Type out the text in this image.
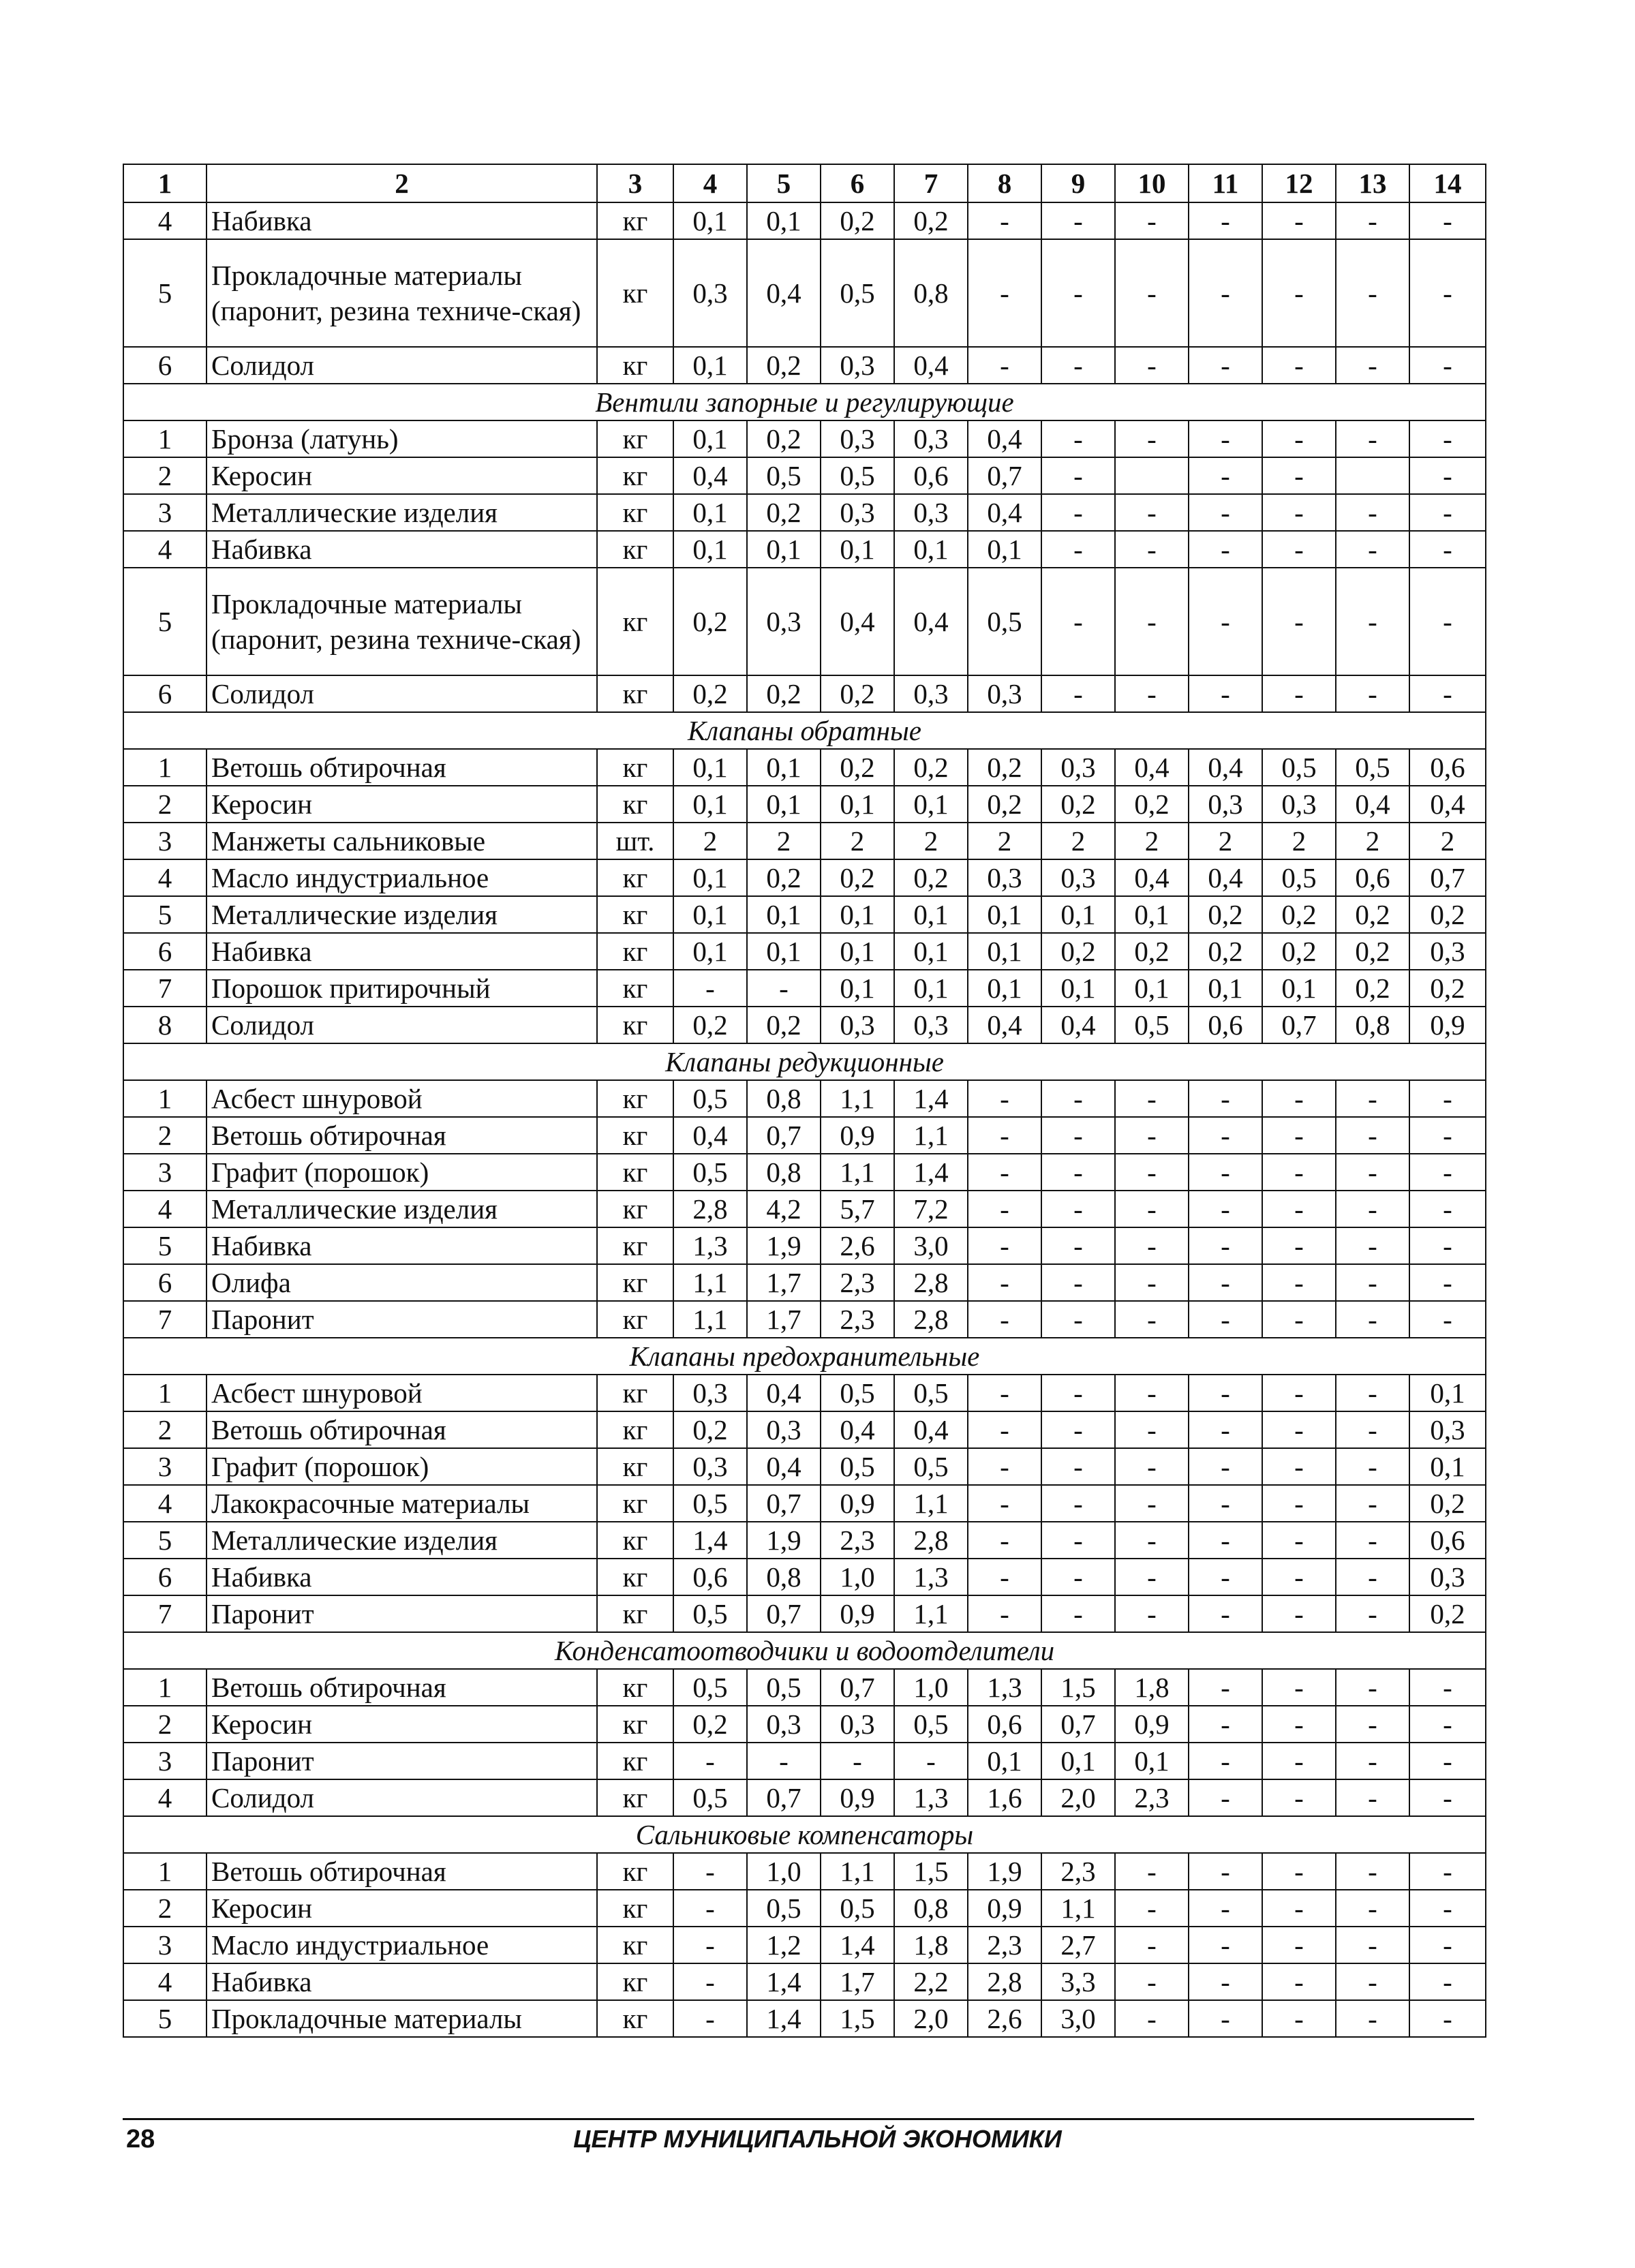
1	2	3	4	5	6	7	8	9	10	11	12	13	14
4	Набивка	кг	0,1	0,1	0,2	0,2	-	-	-	-	-	-	-
5	Прокладочные материалы (паронит, резина техниче-ская)	кг	0,3	0,4	0,5	0,8	-	-	-	-	-	-	-
6	Солидол	кг	0,1	0,2	0,3	0,4	-	-	-	-	-	-	-
Вентили запорные и регулирующие													
1	Бронза (латунь)	кг	0,1	0,2	0,3	0,3	0,4	-	-	-	-	-	-
2	Керосин	кг	0,4	0,5	0,5	0,6	0,7	-		-	-		-
3	Металлические изделия	кг	0,1	0,2	0,3	0,3	0,4	-	-	-	-	-	-
4	Набивка	кг	0,1	0,1	0,1	0,1	0,1	-	-	-	-	-	-
5	Прокладочные материалы (паронит, резина техниче-ская)	кг	0,2	0,3	0,4	0,4	0,5	-	-	-	-	-	-
6	Солидол	кг	0,2	0,2	0,2	0,3	0,3	-	-	-	-	-	-
Клапаны обратные													
1	Ветошь обтирочная	кг	0,1	0,1	0,2	0,2	0,2	0,3	0,4	0,4	0,5	0,5	0,6
2	Керосин	кг	0,1	0,1	0,1	0,1	0,2	0,2	0,2	0,3	0,3	0,4	0,4
3	Манжеты сальниковые	шт.	2	2	2	2	2	2	2	2	2	2	2
4	Масло индустриальное	кг	0,1	0,2	0,2	0,2	0,3	0,3	0,4	0,4	0,5	0,6	0,7
5	Металлические изделия	кг	0,1	0,1	0,1	0,1	0,1	0,1	0,1	0,2	0,2	0,2	0,2
6	Набивка	кг	0,1	0,1	0,1	0,1	0,1	0,2	0,2	0,2	0,2	0,2	0,3
7	Порошок притирочный	кг	-	-	0,1	0,1	0,1	0,1	0,1	0,1	0,1	0,2	0,2
8	Солидол	кг	0,2	0,2	0,3	0,3	0,4	0,4	0,5	0,6	0,7	0,8	0,9
Клапаны редукционные													
1	Асбест шнуровой	кг	0,5	0,8	1,1	1,4	-	-	-	-	-	-	-
2	Ветошь обтирочная	кг	0,4	0,7	0,9	1,1	-	-	-	-	-	-	-
3	Графит (порошок)	кг	0,5	0,8	1,1	1,4	-	-	-	-	-	-	-
4	Металлические изделия	кг	2,8	4,2	5,7	7,2	-	-	-	-	-	-	-
5	Набивка	кг	1,3	1,9	2,6	3,0	-	-	-	-	-	-	-
6	Олифа	кг	1,1	1,7	2,3	2,8	-	-	-	-	-	-	-
7	Паронит	кг	1,1	1,7	2,3	2,8	-	-	-	-	-	-	-
Клапаны предохранительные													
1	Асбест шнуровой	кг	0,3	0,4	0,5	0,5	-	-	-	-	-	-	0,1
2	Ветошь обтирочная	кг	0,2	0,3	0,4	0,4	-	-	-	-	-	-	0,3
3	Графит (порошок)	кг	0,3	0,4	0,5	0,5	-	-	-	-	-	-	0,1
4	Лакокрасочные материалы	кг	0,5	0,7	0,9	1,1	-	-	-	-	-	-	0,2
5	Металлические изделия	кг	1,4	1,9	2,3	2,8	-	-	-	-	-	-	0,6
6	Набивка	кг	0,6	0,8	1,0	1,3	-	-	-	-	-	-	0,3
7	Паронит	кг	0,5	0,7	0,9	1,1	-	-	-	-	-	-	0,2
Конденсатоотводчики и водоотделители													
1	Ветошь обтирочная	кг	0,5	0,5	0,7	1,0	1,3	1,5	1,8	-	-	-	-
2	Керосин	кг	0,2	0,3	0,3	0,5	0,6	0,7	0,9	-	-	-	-
3	Паронит	кг	-	-	-	-	0,1	0,1	0,1	-	-	-	-
4	Солидол	кг	0,5	0,7	0,9	1,3	1,6	2,0	2,3	-	-	-	-
Сальниковые компенсаторы													
1	Ветошь обтирочная	кг	-	1,0	1,1	1,5	1,9	2,3	-	-	-	-	-
2	Керосин	кг	-	0,5	0,5	0,8	0,9	1,1	-	-	-	-	-
3	Масло индустриальное	кг	-	1,2	1,4	1,8	2,3	2,7	-	-	-	-	-
4	Набивка	кг	-	1,4	1,7	2,2	2,8	3,3	-	-	-	-	-
5	Прокладочные материалы	кг	-	1,4	1,5	2,0	2,6	3,0	-	-	-	-	-
28	ЦЕНТР МУНИЦИПАЛЬНОЙ ЭКОНОМИКИ
